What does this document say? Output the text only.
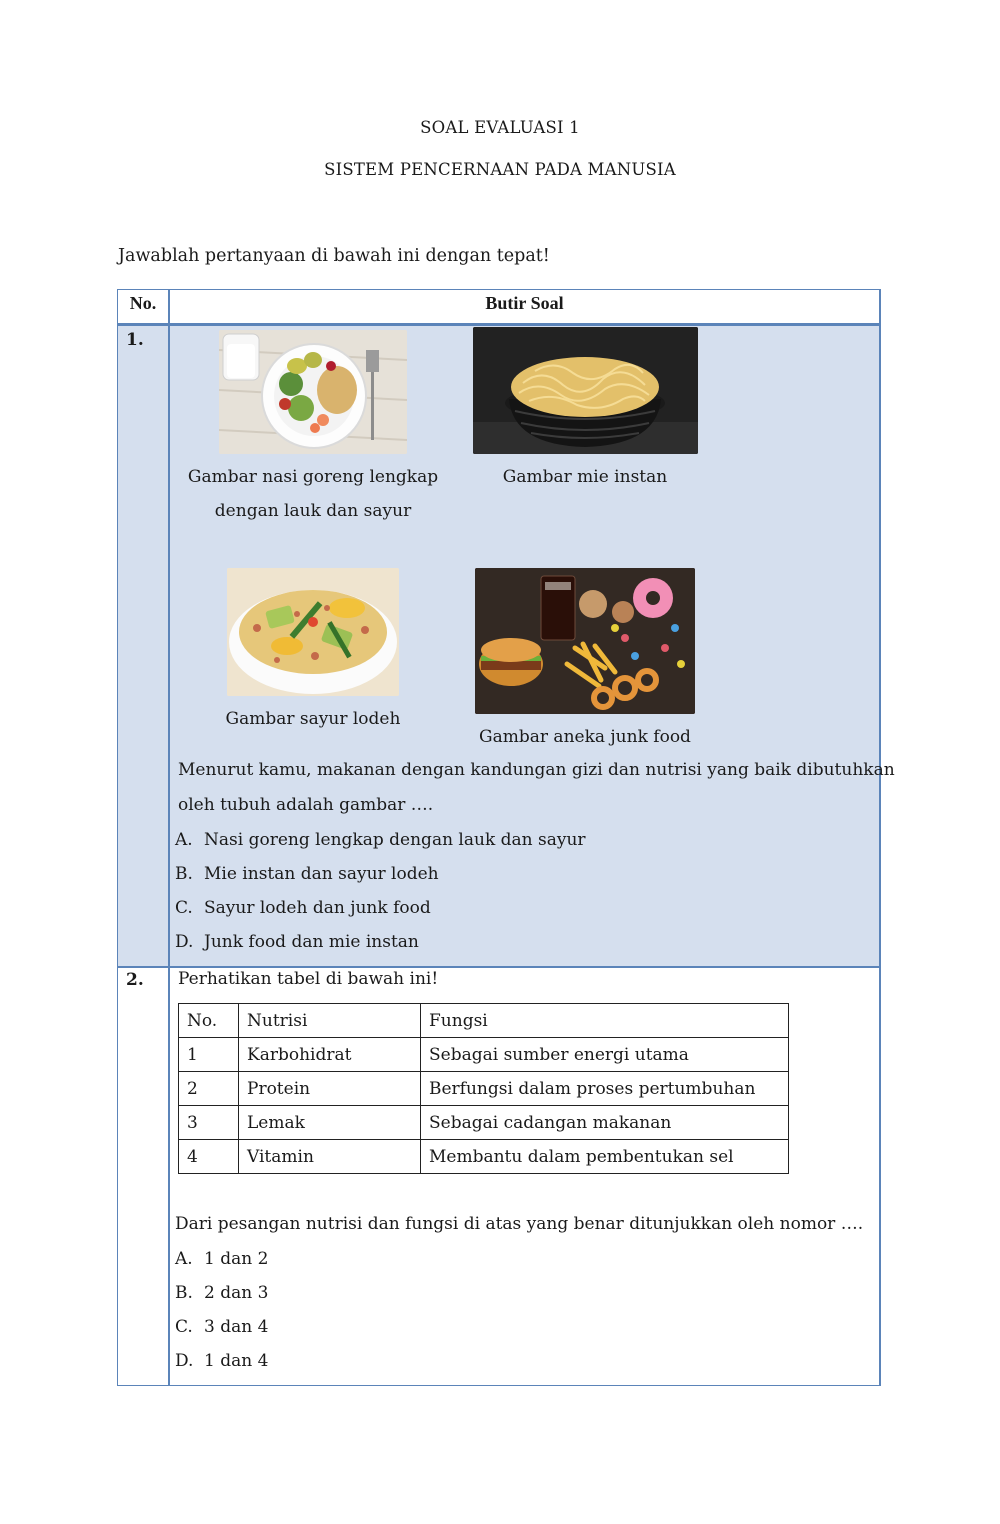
SOAL EVALUASI 1
SISTEM PENCERNAAN PADA MANUSIA
Jawablah pertanyaan di bawah ini dengan tepat!
No.	Butir Soal
1.
Gambar nasi goreng lengkap
dengan lauk dan sayur
Gambar mie instan
Gambar sayur lodeh
Gambar aneka junk food
Menurut kamu, makanan dengan kandungan gizi dan nutrisi yang baik dibutuhkan
oleh tubuh adalah gambar ….
A. Nasi goreng lengkap dengan lauk dan sayur
B. Mie instan dan sayur lodeh
C. Sayur lodeh dan junk food
D. Junk food dan mie instan
2. Perhatikan tabel di bawah ini!
No.	Nutrisi	Fungsi
1	Karbohidrat	Sebagai sumber energi utama
2	Protein	Berfungsi dalam proses pertumbuhan
3	Lemak	Sebagai cadangan makanan
4	Vitamin	Membantu dalam pembentukan sel
Dari pesangan nutrisi dan fungsi di atas yang benar ditunjukkan oleh nomor ….
A. 1 dan 2
B. 2 dan 3
C. 3 dan 4
D. 1 dan 4
